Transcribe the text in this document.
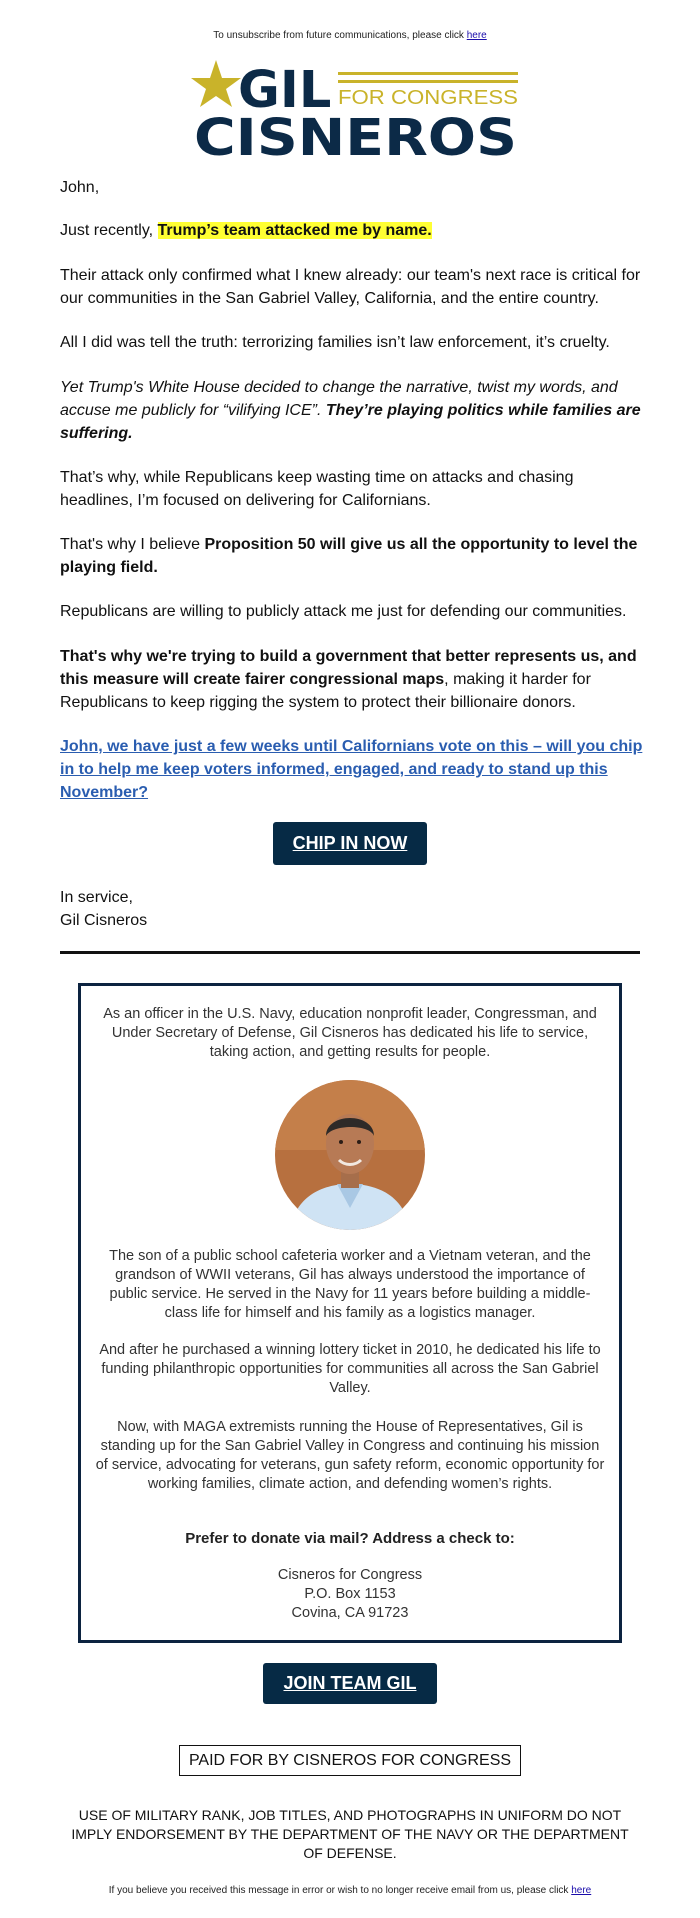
To unsubscribe from future communications, please click here
GIL FOR CONGRESS
CISNEROS
John,
Just recently, Trump’s team attacked me by name.
Their attack only confirmed what I knew already: our team's next race is critical for our communities in the San Gabriel Valley, California, and the entire country.
All I did was tell the truth: terrorizing families isn’t law enforcement, it’s cruelty.
Yet Trump's White House decided to change the narrative, twist my words, and accuse me publicly for “vilifying ICE”. They’re playing politics while families are suffering.
That’s why, while Republicans keep wasting time on attacks and chasing headlines, I’m focused on delivering for Californians.
That's why I believe Proposition 50 will give us all the opportunity to level the playing field.
Republicans are willing to publicly attack me just for defending our communities.
That's why we're trying to build a government that better represents us, and this measure will create fairer congressional maps, making it harder for Republicans to keep rigging the system to protect their billionaire donors.
John, we have just a few weeks until Californians vote on this – will you chip in to help me keep voters informed, engaged, and ready to stand up this November?
CHIP IN NOW
In service,
Gil Cisneros
As an officer in the U.S. Navy, education nonprofit leader, Congressman, and Under Secretary of Defense, Gil Cisneros has dedicated his life to service, taking action, and getting results for people.
The son of a public school cafeteria worker and a Vietnam veteran, and the grandson of WWII veterans, Gil has always understood the importance of public service. He served in the Navy for 11 years before building a middle-class life for himself and his family as a logistics manager.
And after he purchased a winning lottery ticket in 2010, he dedicated his life to funding philanthropic opportunities for communities all across the San Gabriel Valley.
Now, with MAGA extremists running the House of Representatives, Gil is standing up for the San Gabriel Valley in Congress and continuing his mission of service, advocating for veterans, gun safety reform, economic opportunity for working families, climate action, and defending women’s rights.
Prefer to donate via mail? Address a check to:
Cisneros for Congress
P.O. Box 1153
Covina, CA 91723
JOIN TEAM GIL
PAID FOR BY CISNEROS FOR CONGRESS
USE OF MILITARY RANK, JOB TITLES, AND PHOTOGRAPHS IN UNIFORM DO NOT IMPLY ENDORSEMENT BY THE DEPARTMENT OF THE NAVY OR THE DEPARTMENT OF DEFENSE.
If you believe you received this message in error or wish to no longer receive email from us, please click here
